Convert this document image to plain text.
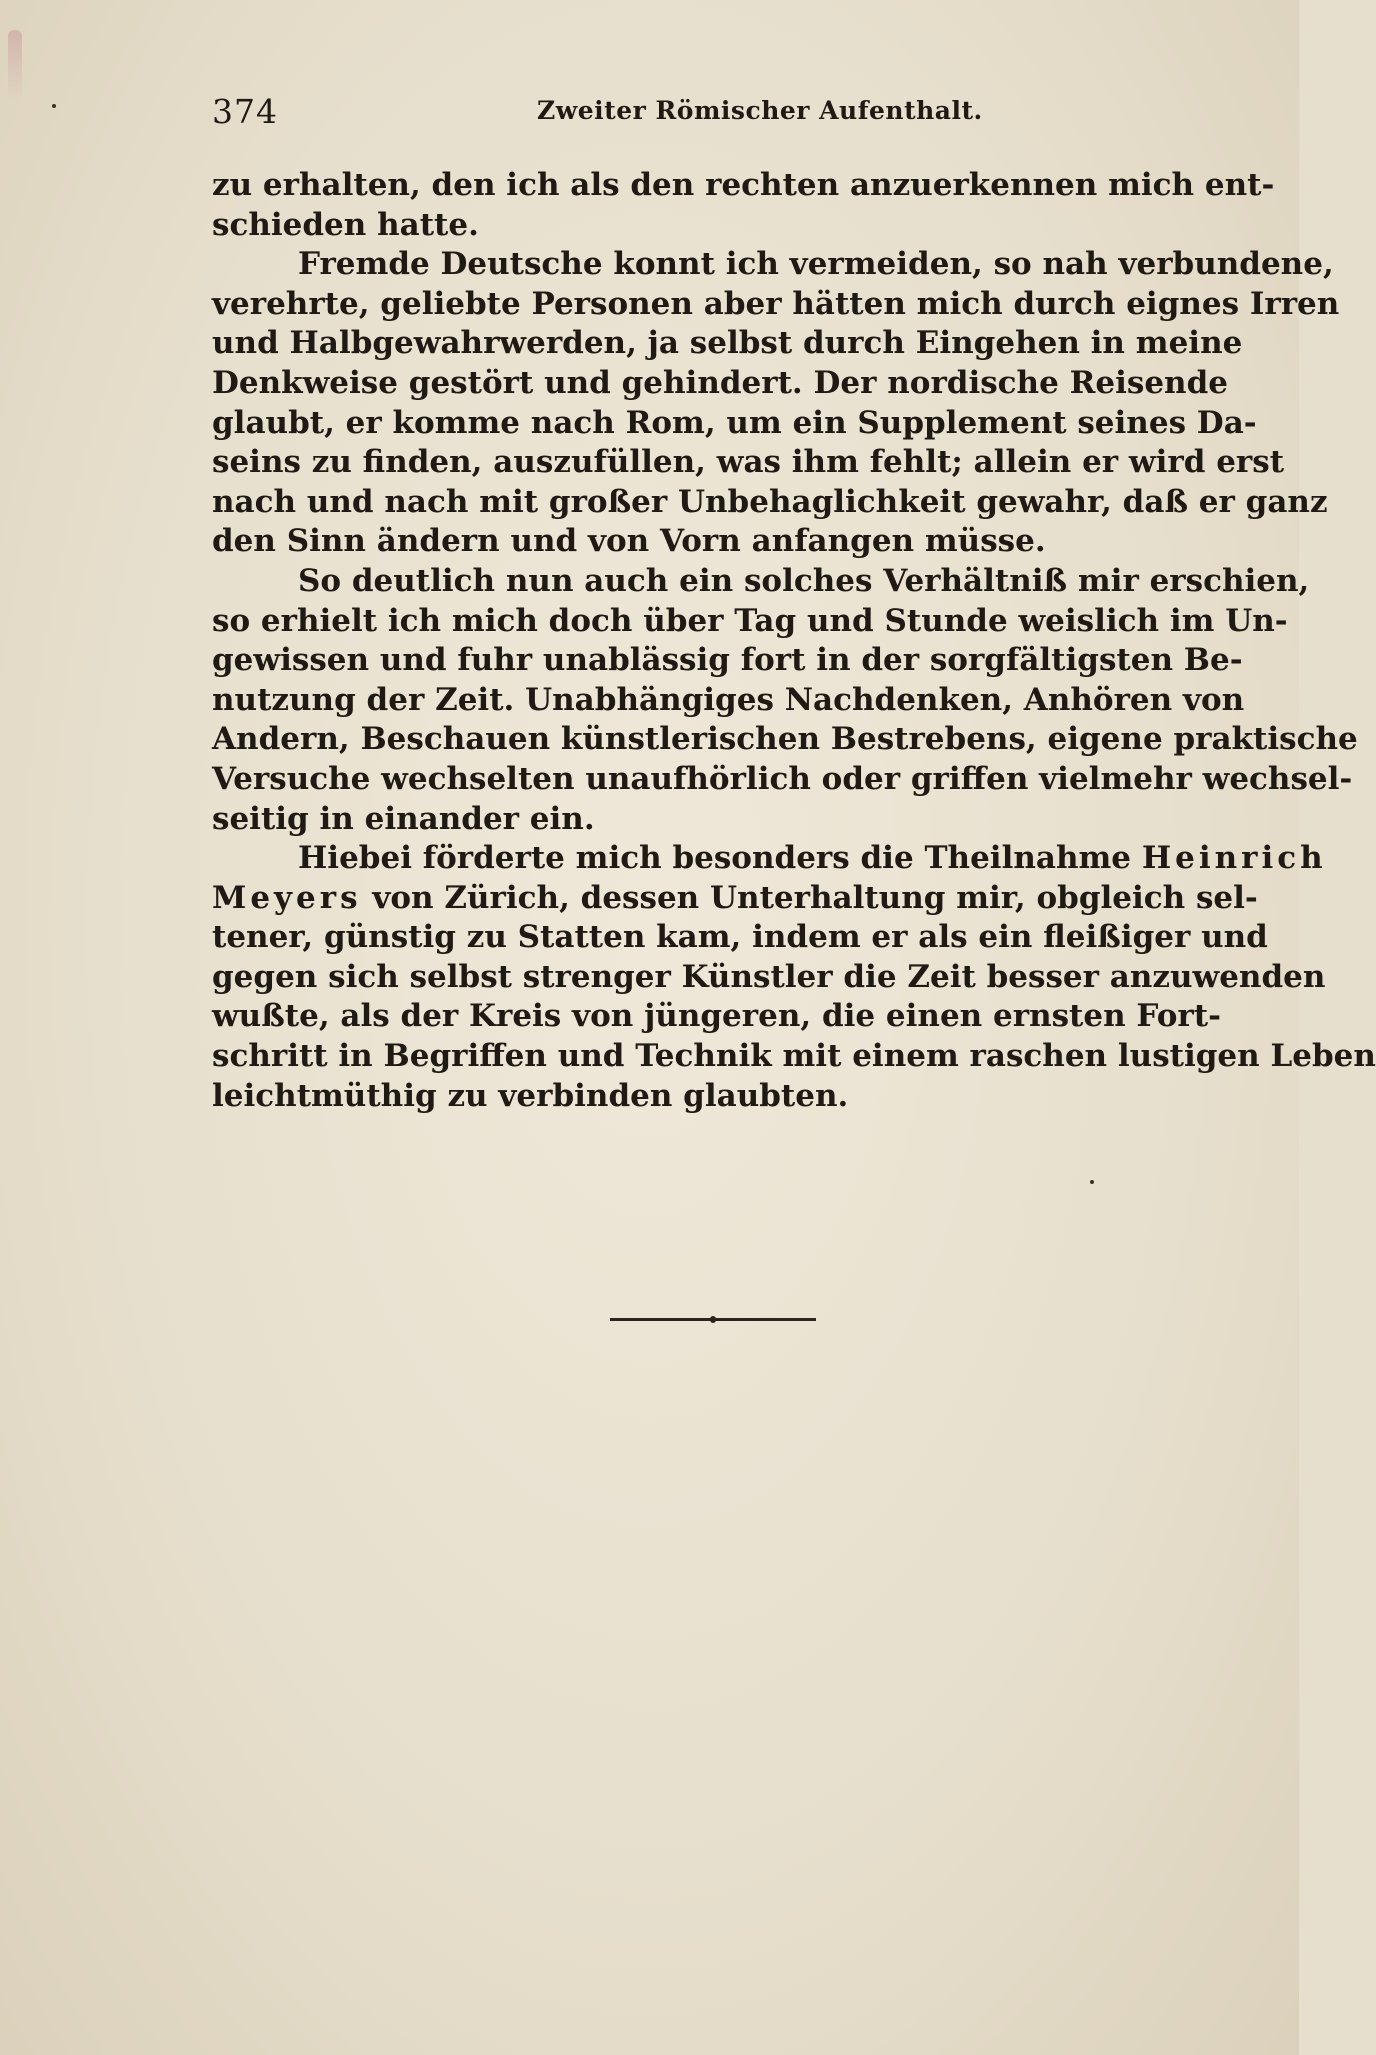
374	Zweiter Römischer Aufenthalt.
zu erhalten, den ich als den rechten anzuerkennen mich ent-
schieden hatte.
Fremde Deutsche konnt ich vermeiden, so nah verbundene,
verehrte, geliebte Personen aber hätten mich durch eignes Irren
und Halbgewahrwerden, ja selbst durch Eingehen in meine
Denkweise gestört und gehindert. Der nordische Reisende
glaubt, er komme nach Rom, um ein Supplement seines Da-
seins zu finden, auszufüllen, was ihm fehlt; allein er wird erst
nach und nach mit großer Unbehaglichkeit gewahr, daß er ganz
den Sinn ändern und von Vorn anfangen müsse.
So deutlich nun auch ein solches Verhältniß mir erschien,
so erhielt ich mich doch über Tag und Stunde weislich im Un-
gewissen und fuhr unablässig fort in der sorgfältigsten Be-
nutzung der Zeit. Unabhängiges Nachdenken, Anhören von
Andern, Beschauen künstlerischen Bestrebens, eigene praktische
Versuche wechselten unaufhörlich oder griffen vielmehr wechsel-
seitig in einander ein.
Hiebei förderte mich besonders die Theilnahme Heinrich
Meyers von Zürich, dessen Unterhaltung mir, obgleich sel-
tener, günstig zu Statten kam, indem er als ein fleißiger und
gegen sich selbst strenger Künstler die Zeit besser anzuwenden
wußte, als der Kreis von jüngeren, die einen ernsten Fort-
schritt in Begriffen und Technik mit einem raschen lustigen Leben
leichtmüthig zu verbinden glaubten.
